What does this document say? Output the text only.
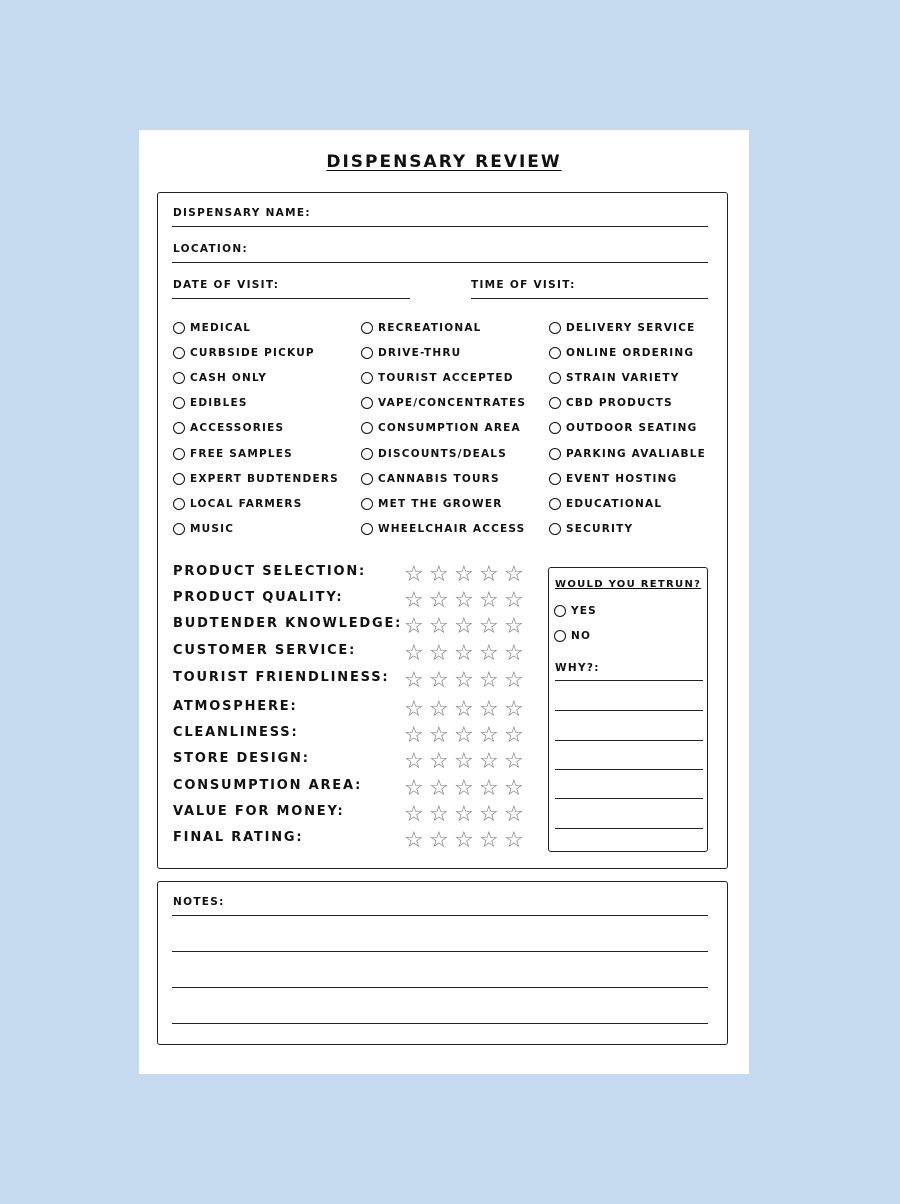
DISPENSARY REVIEW
DISPENSARY NAME:
LOCATION:
DATE OF VISIT:	TIME OF VISIT:
WOULD YOU RETRUN?
YES
NO
WHY?:
NOTES:
MEDICAL	RECREATIONAL	DELIVERY SERVICE
CURBSIDE PICKUP	DRIVE-THRU	ONLINE ORDERING
CASH ONLY	TOURIST ACCEPTED	STRAIN VARIETY
EDIBLES	VAPE/CONCENTRATES	CBD PRODUCTS
ACCESSORIES	CONSUMPTION AREA	OUTDOOR SEATING
FREE SAMPLES	DISCOUNTS/DEALS	PARKING AVALIABLE
EXPERT BUDTENDERS	CANNABIS TOURS	EVENT HOSTING
LOCAL FARMERS	MET THE GROWER	EDUCATIONAL
MUSIC	WHEELCHAIR ACCESS	SECURITY
PRODUCT SELECTION: ☆ ☆ ☆ ☆ ☆
PRODUCT QUALITY:	☆ ☆ ☆ ☆ ☆
BUDTENDER KNOWLEDGE: ☆ ☆ ☆ ☆ ☆
CUSTOMER SERVICE: ☆ ☆ ☆ ☆ ☆
TOURIST FRIENDLINESS: ☆ ☆ ☆ ☆ ☆
ATMOSPHERE:	☆ ☆ ☆ ☆ ☆
CLEANLINESS:	☆ ☆ ☆ ☆ ☆
STORE DESIGN:	☆ ☆ ☆ ☆ ☆
CONSUMPTION AREA: ☆ ☆ ☆ ☆ ☆
VALUE FOR MONEY:	☆ ☆ ☆ ☆ ☆
FINAL RATING:	☆ ☆ ☆ ☆ ☆
